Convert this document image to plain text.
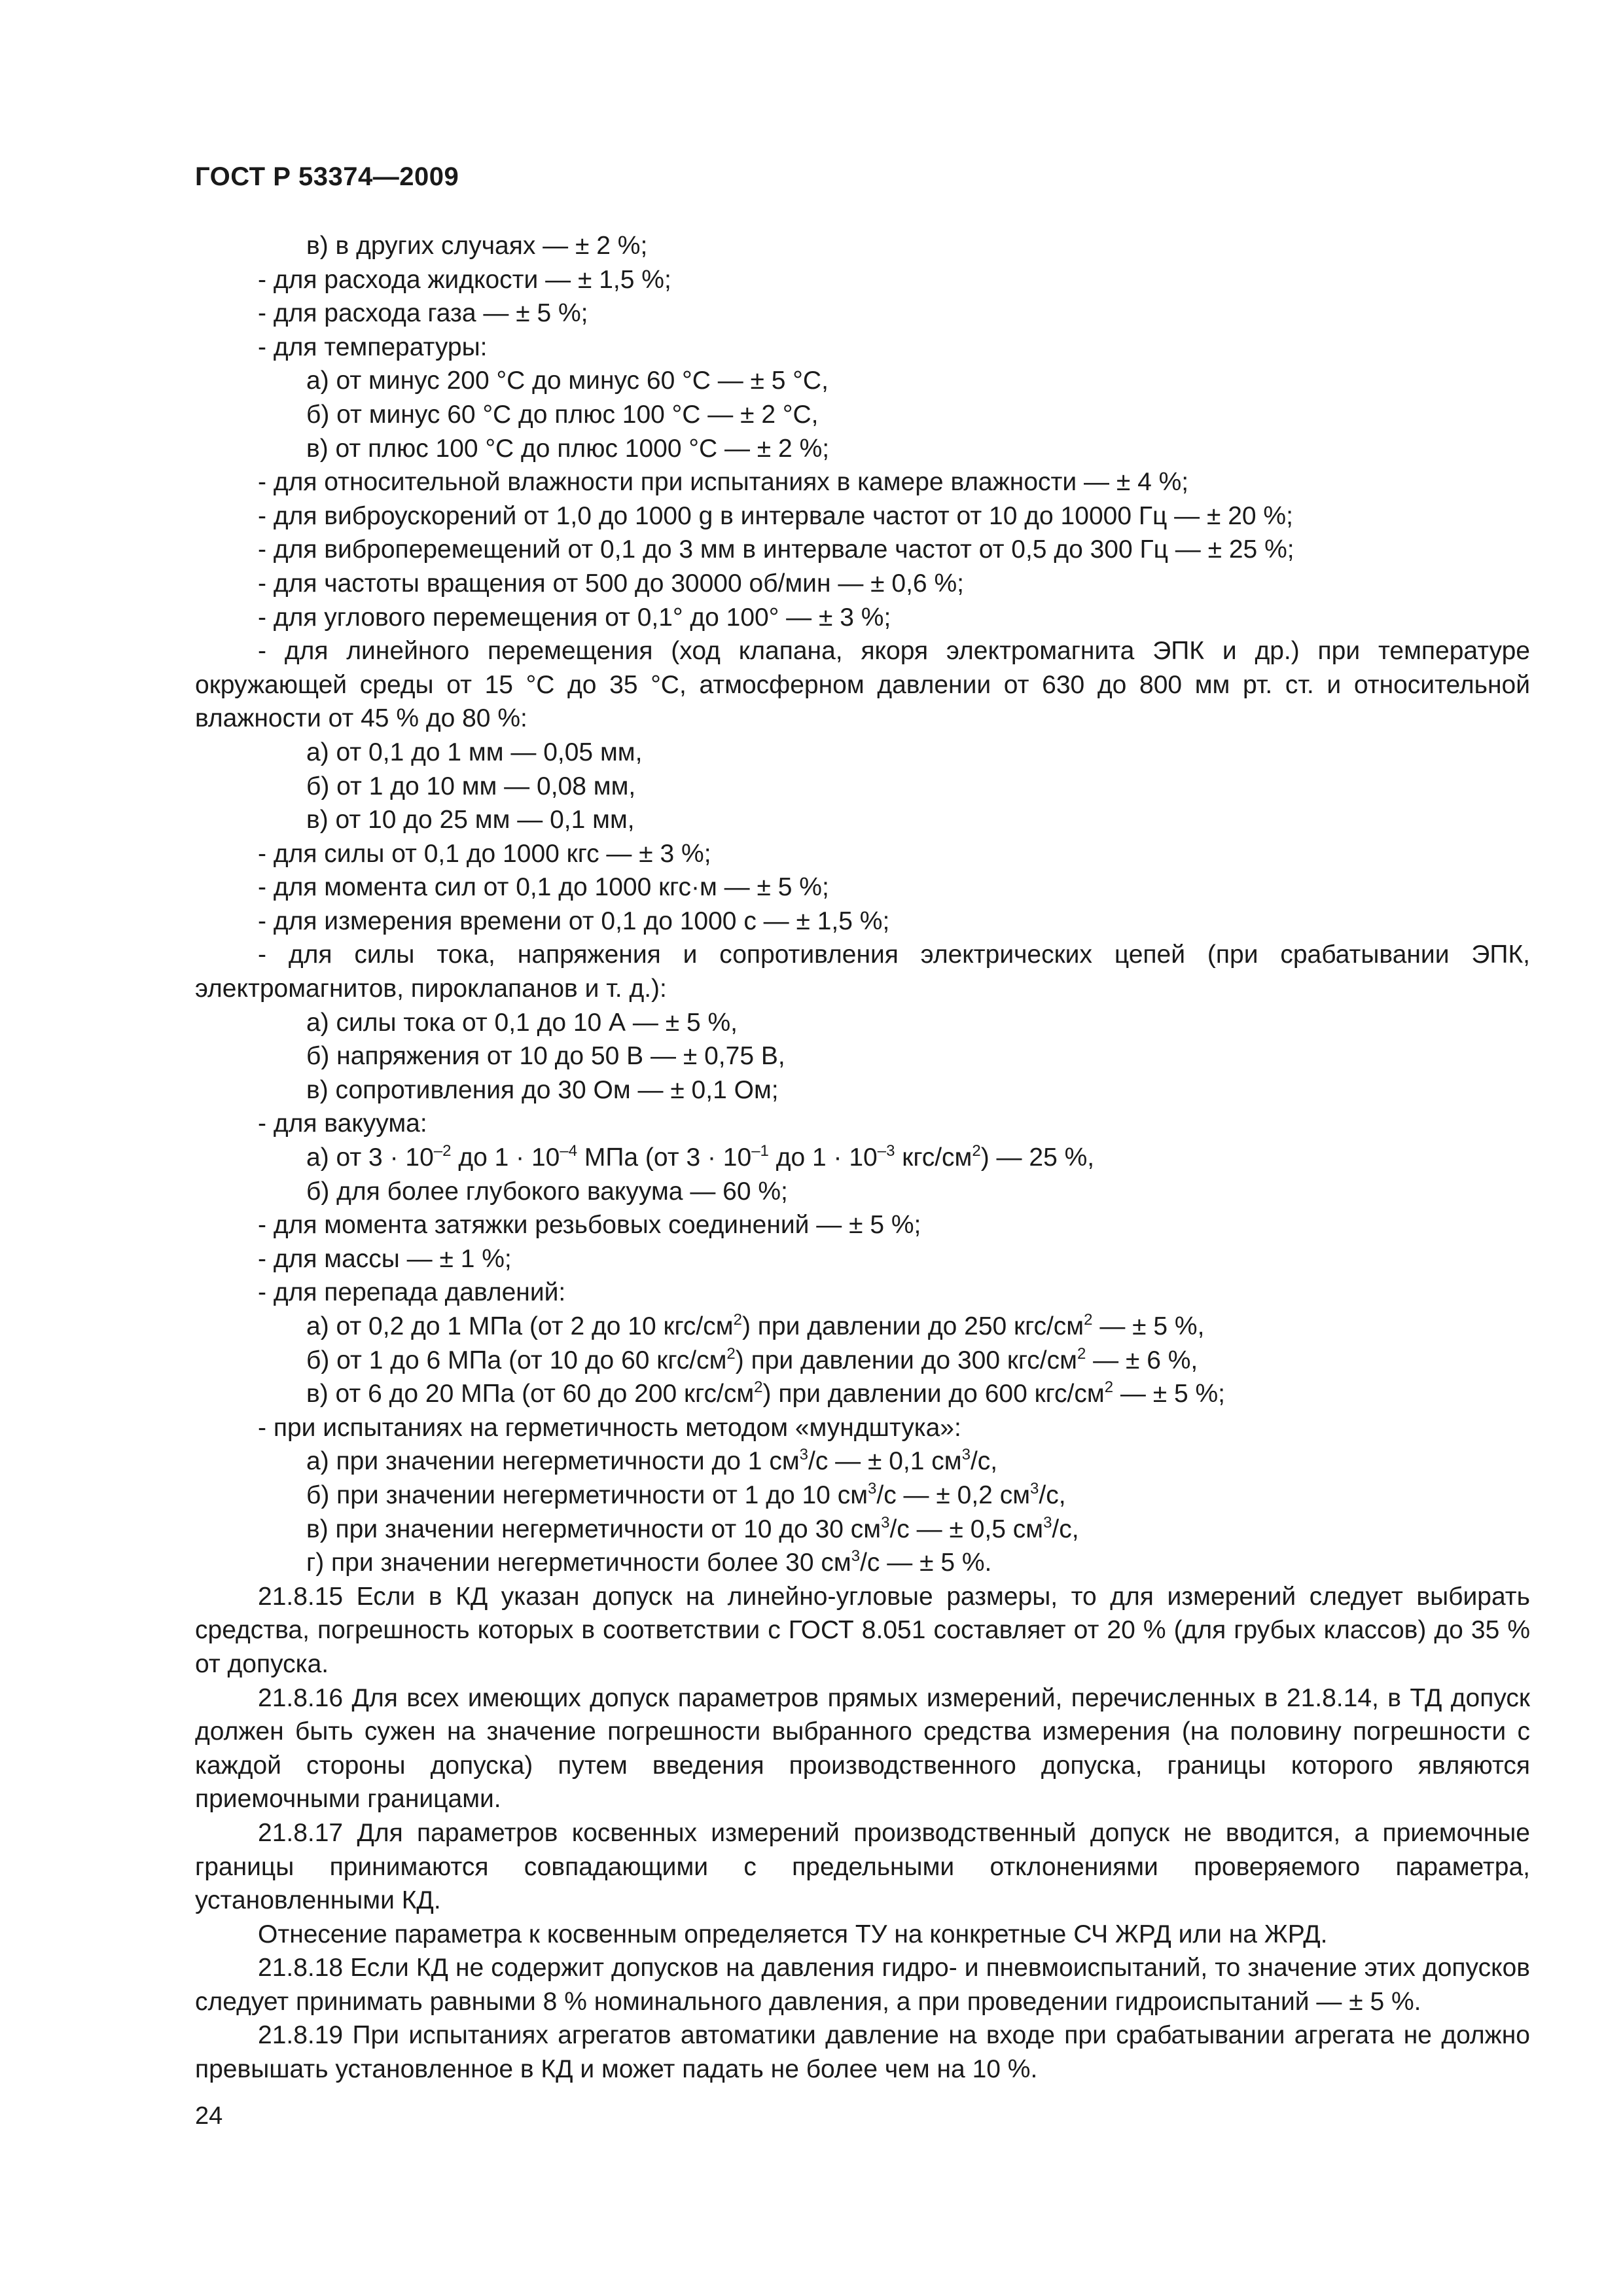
ГОСТ Р 53374—2009

в) в других случаях — ± 2 %;

- для расхода жидкости — ± 1,5 %;

- для расхода газа — ± 5 %;

- для температуры:

а) от минус 200 °С до минус 60 °С — ± 5 °С,

б) от минус 60 °С до плюс 100 °С — ± 2 °С,

в) от плюс 100 °С до плюс 1000 °С — ± 2 %;

- для относительной влажности при испытаниях в камере влажности — ± 4 %;

- для виброускорений от 1,0 до 1000 g в интервале частот от 10 до 10000 Гц — ± 20 %;

- для виброперемещений от 0,1 до 3 мм в интервале частот от 0,5 до 300 Гц — ± 25 %;

- для частоты вращения от 500 до 30000 об/мин — ± 0,6 %;

- для углового перемещения от 0,1° до 100° — ± 3 %;

- для линейного перемещения (ход клапана, якоря электромагнита ЭПК и др.) при температуре окружающей среды от 15 °С до 35 °С, атмосферном давлении от 630 до 800 мм рт. ст. и относительной влажности от 45 % до 80 %:

а) от 0,1 до 1 мм — 0,05 мм,

б) от 1 до 10 мм — 0,08 мм,

в) от 10 до 25 мм — 0,1 мм,

- для силы от 0,1 до 1000 кгс — ± 3 %;

- для момента сил от 0,1 до 1000 кгс·м — ± 5 %;

- для измерения времени от 0,1 до 1000 с — ± 1,5 %;

- для силы тока, напряжения и сопротивления электрических цепей (при срабатывании ЭПК, электромагнитов, пироклапанов и т. д.):

а) силы тока от 0,1 до 10 А — ± 5 %,

б) напряжения от 10 до 50 В — ± 0,75 В,

в) сопротивления до 30 Ом — ± 0,1 Ом;

- для вакуума:

а) от $3 \cdot 10^{-2}$ до $1 \cdot 10^{-4}$ МПа (от $3 \cdot 10^{-1}$ до $1 \cdot 10^{-3}$ кгс/$см^2$) — 25 %,

б) для более глубокого вакуума — 60 %;

- для момента затяжки резьбовых соединений — ± 5 %;

- для массы — ± 1 %;

- для перепада давлений:

а) от 0,2 до 1 МПа (от 2 до 10 кгс/$см^2$) при давлении до 250 кгс/$см^2$ — ± 5 %,

б) от 1 до 6 МПа (от 10 до 60 кгс/$см^2$) при давлении до 300 кгс/$см^2$ — ± 6 %,

в) от 6 до 20 МПа (от 60 до 200 кгс/$см^2$) при давлении до 600 кгс/$см^2$ — ± 5 %;

- при испытаниях на герметичность методом «мундштука»:

а) при значении негерметичности до 1 $см^3/с$ — ± 0,1 $см^3/с$,

б) при значении негерметичности от 1 до 10 $см^3/с$ — ± 0,2 $см^3/с$,

в) при значении негерметичности от 10 до 30 $см^3/с$ — ± 0,5 $см^3/с$,

г) при значении негерметичности более 30 $см^3/с$ — ± 5 %.

21.8.15 Если в КД указан допуск на линейно-угловые размеры, то для измерений следует выбирать средства, погрешность которых в соответствии с ГОСТ 8.051 составляет от 20 % (для грубых классов) до 35 % от допуска.

21.8.16 Для всех имеющих допуск параметров прямых измерений, перечисленных в 21.8.14, в ТД допуск должен быть сужен на значение погрешности выбранного средства измерения (на половину погрешности с каждой стороны допуска) путем введения производственного допуска, границы которого являются приемочными границами.

21.8.17 Для параметров косвенных измерений производственный допуск не вводится, а приемочные границы принимаются совпадающими с предельными отклонениями проверяемого параметра, установленными КД.

Отнесение параметра к косвенным определяется ТУ на конкретные СЧ ЖРД или на ЖРД.

21.8.18 Если КД не содержит допусков на давления гидро- и пневмоиспытаний, то значение этих допусков следует принимать равными 8 % номинального давления, а при проведении гидроиспытаний — ± 5 %.

21.8.19 При испытаниях агрегатов автоматики давление на входе при срабатывании агрегата не должно превышать установленное в КД и может падать не более чем на 10 %.

24
